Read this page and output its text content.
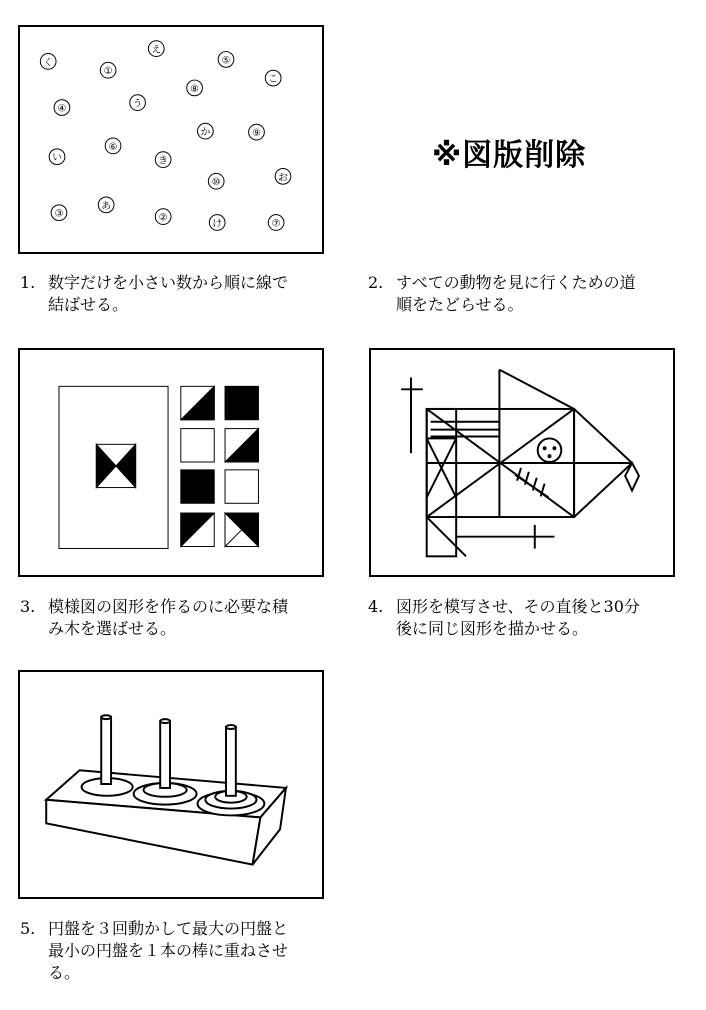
く
①
え
⑤
⑧
こ
④	う
か	⑨
⑥
い	き
⑩	お
③
あ
②
け	⑦
※図版削除
1. 数字だけを小さい数から順に線で
結ばせる。
2. すべての動物を見に行くための道
順をたどらせる。
3. 模様図の図形を作るのに必要な積
み木を選ばせる。
4. 図形を模写させ、その直後と30分
後に同じ図形を描かせる。
5. 円盤を３回動かして最大の円盤と
最小の円盤を１本の棒に重ねさせ
る。
